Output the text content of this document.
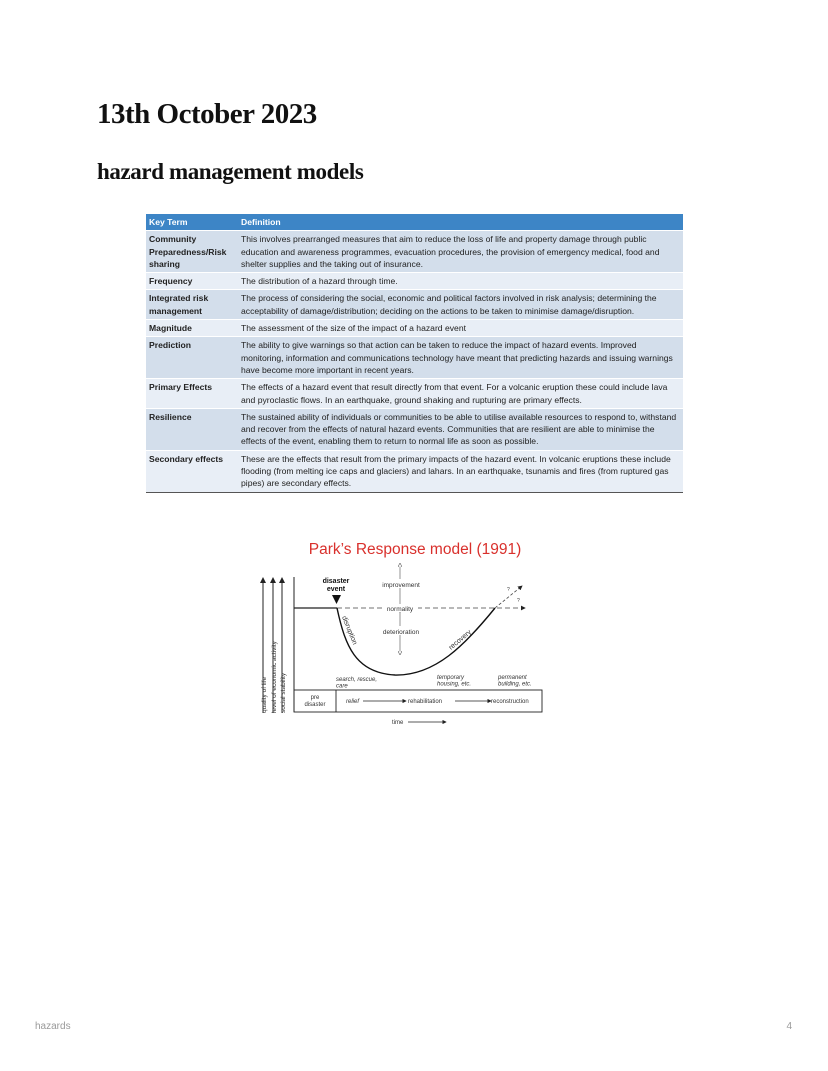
13th October 2023
hazard management models
Key Term	Definition
Community Preparedness/Risk sharing	This involves prearranged measures that aim to reduce the loss of life and property damage through public education and awareness programmes, evacuation procedures, the provision of emergency medical, food and shelter supplies and the taking out of insurance.
Frequency	The distribution of a hazard through time.
Integrated risk management	The process of considering the social, economic and political factors involved in risk analysis; determining the acceptability of damage/distribution; deciding on the actions to be taken to minimise damage/disruption.
Magnitude	The assessment of the size of the impact of a hazard event
Prediction	The ability to give warnings so that action can be taken to reduce the impact of hazard events. Improved monitoring, information and communications technology have meant that predicting hazards and issuing warnings have become more important in recent years.
Primary Effects	The effects of a hazard event that result directly from that event. For a volcanic eruption these could include lava and pyroclastic flows. In an earthquake, ground shaking and rupturing are primary effects.
Resilience	The sustained ability of individuals or communities to be able to utilise available resources to respond to, withstand and recover from the effects of natural hazard events. Communities that are resilient are able to minimise the effects of the event, enabling them to return to normal life as soon as possible.
Secondary effects	These are the effects that result from the primary impacts of the hazard event. In volcanic eruptions these include flooding (from melting ice caps and glaciers) and lahars. In an earthquake, tsunamis and fires (from ruptured gas pipes) are secondary effects.
Park’s Response model (1991)
quality of life level of economic activity social stability
disaster event
improvement
deterioration
normality
?
?
disruption	recovery
search, rescue, care
temporary housing, etc.
permanent building, etc.
pre disaster	relief	rehabilitation	reconstruction
time
hazards	4
